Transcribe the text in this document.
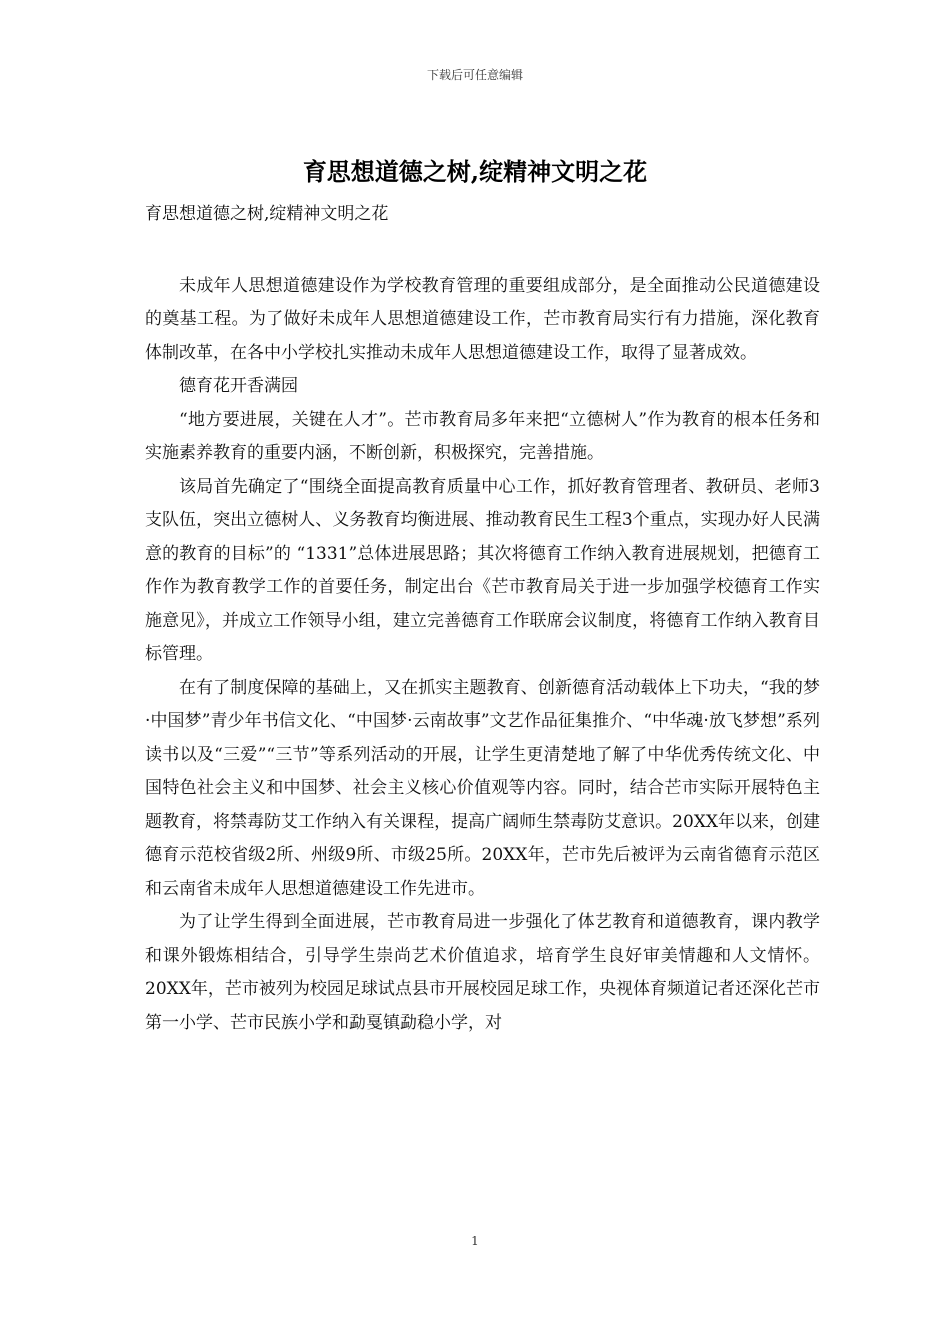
下载后可任意编辑
育思想道德之树,绽精神文明之花

育思想道德之树,绽精神文明之花

未成年人思想道德建设作为学校教育管理的重要组成部分，是全面推动公民道德建设的奠基工程。为了做好未成年人思想道德建设工作，芒市教育局实行有力措施，深化教育体制改革，在各中小学校扎实推动未成年人思想道德建设工作，取得了显著成效。

德育花开香满园

“地方要进展，关键在人才”。芒市教育局多年来把“立德树人”作为教育的根本任务和实施素养教育的重要内涵，不断创新，积极探究，完善措施。

该局首先确定了“围绕全面提高教育质量中心工作，抓好教育管理者、教研员、老师3支队伍，突出立德树人、义务教育均衡进展、推动教育民生工程3个重点，实现办好人民满意的教育的目标”的 “1331”总体进展思路；其次将德育工作纳入教育进展规划，把德育工作作为教育教学工作的首要任务，制定出台《芒市教育局关于进一步加强学校德育工作实施意见》，并成立工作领导小组，建立完善德育工作联席会议制度，将德育工作纳入教育目标管理。

在有了制度保障的基础上，又在抓实主题教育、创新德育活动载体上下功夫，“我的梦·中国梦”青少年书信文化、“中国梦·云南故事”文艺作品征集推介、“中华魂·放飞梦想”系列读书以及“三爱”“三节”等系列活动的开展，让学生更清楚地了解了中华优秀传统文化、中国特色社会主义和中国梦、社会主义核心价值观等内容。同时，结合芒市实际开展特色主题教育，将禁毒防艾工作纳入有关课程，提高广阔师生禁毒防艾意识。20XX年以来，创建德育示范校省级2所、州级9所、市级25所。20XX年，芒市先后被评为云南省德育示范区和云南省未成年人思想道德建设工作先进市。

为了让学生得到全面进展，芒市教育局进一步强化了体艺教育和道德教育，课内教学和课外锻炼相结合，引导学生崇尚艺术价值追求，培育学生良好审美情趣和人文情怀。20XX年，芒市被列为校园足球试点县市开展校园足球工作，央视体育频道记者还深化芒市第一小学、芒市民族小学和勐戛镇勐稳小学，对

1
